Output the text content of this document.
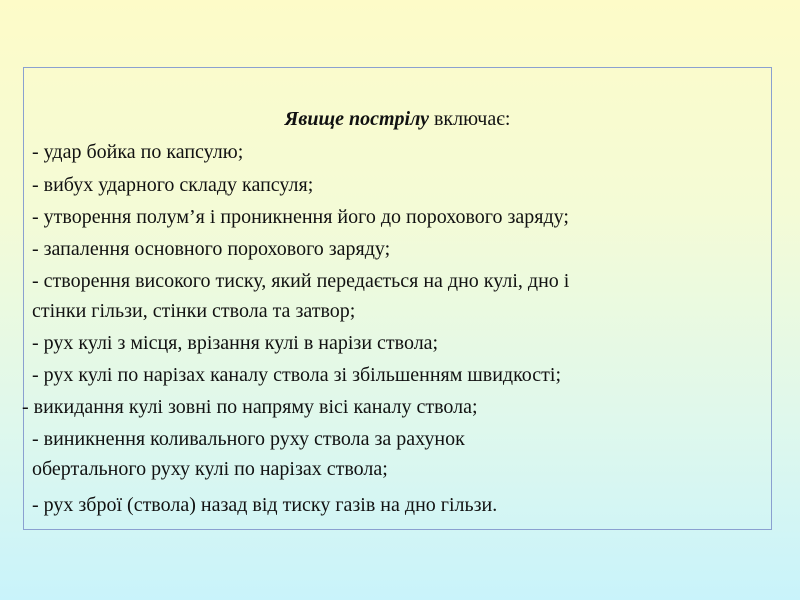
Явище пострілу включає:

- удар бойка по капсулю;

- вибух ударного складу капсуля;

- утворення полум’я і проникнення його до порохового заряду;

- запалення основного порохового заряду;

- створення високого тиску, який передається на дно кулі, дно і

стінки гільзи, стінки ствола та затвор;

- рух кулі з місця, врізання кулі в нарізи ствола;

- рух кулі по нарізах каналу ствола зі збільшенням швидкості;

- викидання кулі зовні по напряму вісі каналу ствола;

- виникнення коливального руху ствола за рахунок

обертального руху кулі по нарізах ствола;

- рух зброї (ствола) назад від тиску газів на дно гільзи.
